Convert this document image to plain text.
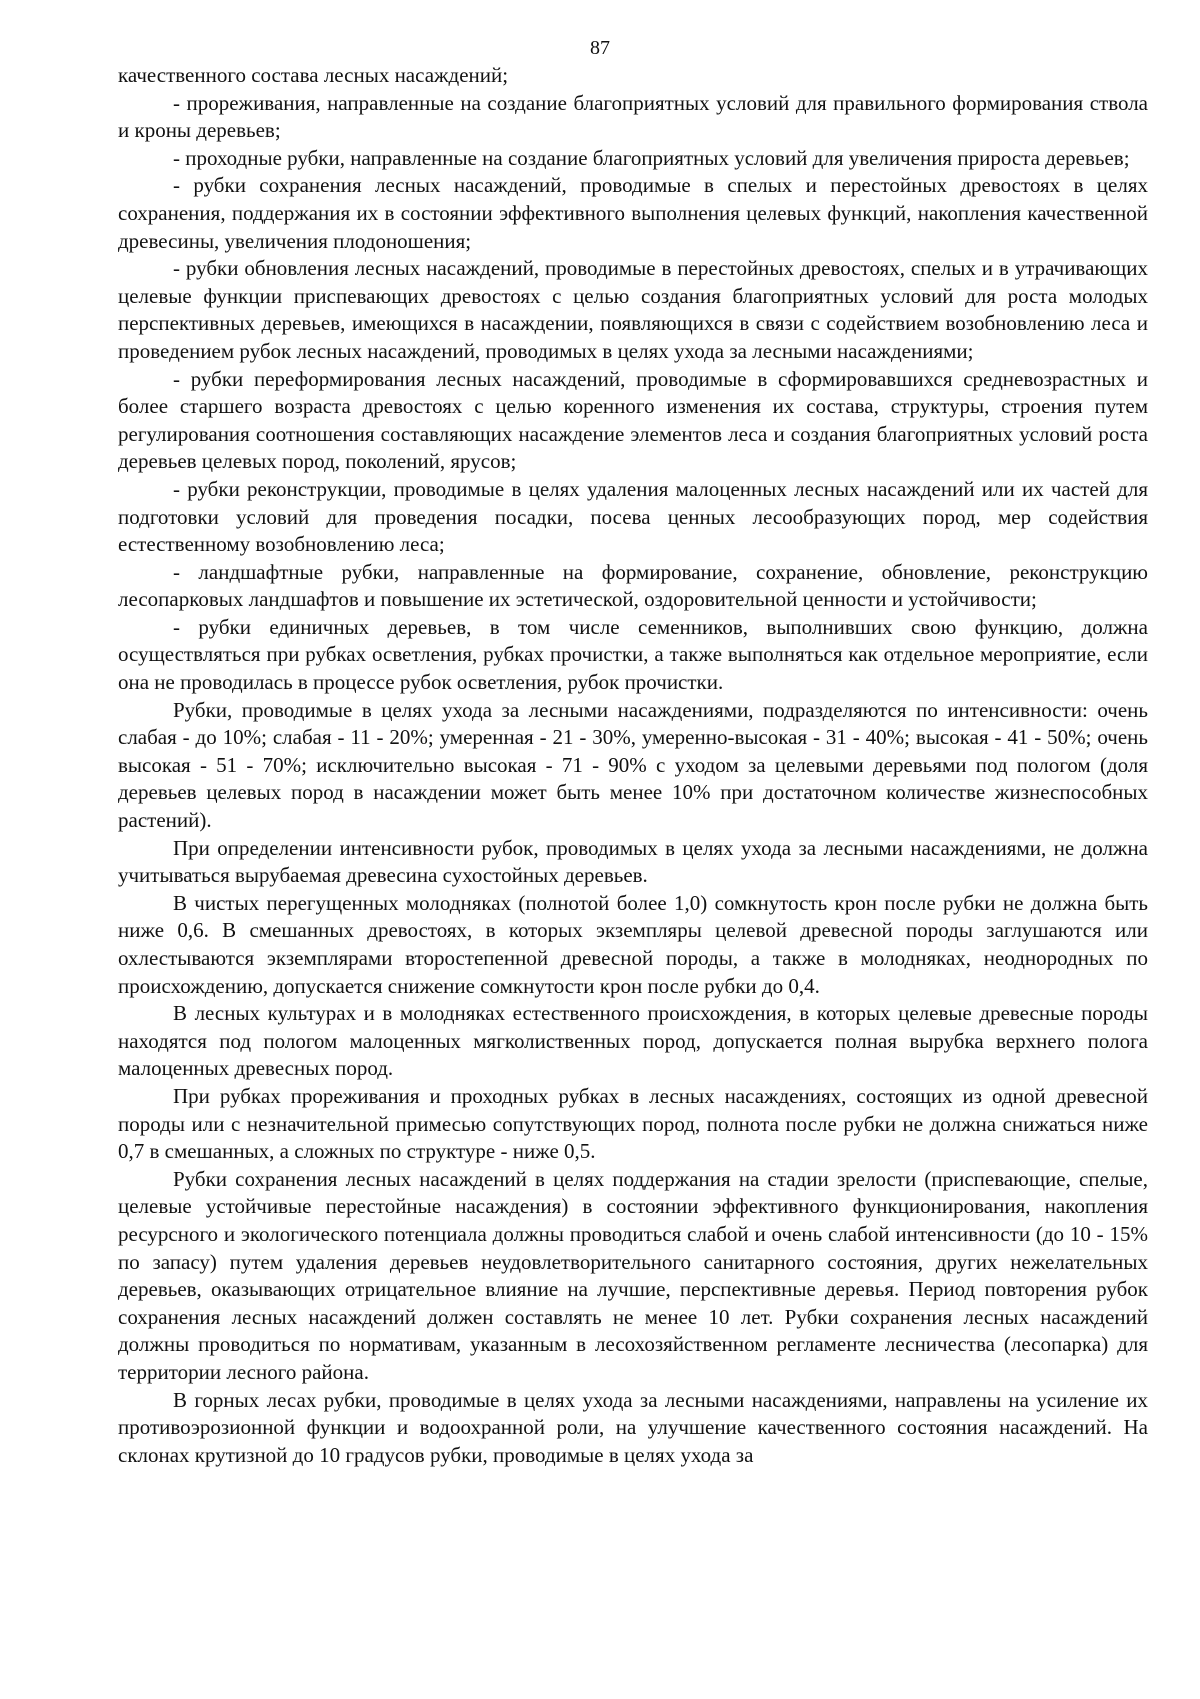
87

качественного состава лесных насаждений;

- прореживания, направленные на создание благоприятных условий для правильного формирования ствола и кроны деревьев;

- проходные рубки, направленные на создание благоприятных условий для увеличения прироста деревьев;

- рубки сохранения лесных насаждений, проводимые в спелых и перестойных древостоях в целях сохранения, поддержания их в состоянии эффективного выполнения целевых функций, накопления качественной древесины, увеличения плодоношения;

- рубки обновления лесных насаждений, проводимые в перестойных древостоях, спелых и в утрачивающих целевые функции приспевающих древостоях с целью создания благоприятных условий для роста молодых перспективных деревьев, имеющихся в насаждении, появляющихся в связи с содействием возобновлению леса и проведением рубок лесных насаждений, проводимых в целях ухода за лесными насаждениями;

- рубки переформирования лесных насаждений, проводимые в сформировавшихся средневозрастных и более старшего возраста древостоях с целью коренного изменения их состава, структуры, строения путем регулирования соотношения составляющих насаждение элементов леса и создания благоприятных условий роста деревьев целевых пород, поколений, ярусов;

- рубки реконструкции, проводимые в целях удаления малоценных лесных насаждений или их частей для подготовки условий для проведения посадки, посева ценных лесообразующих пород, мер содействия естественному возобновлению леса;

- ландшафтные рубки, направленные на формирование, сохранение, обновление, реконструкцию лесопарковых ландшафтов и повышение их эстетической, оздоровительной ценности и устойчивости;

- рубки единичных деревьев, в том числе семенников, выполнивших свою функцию, должна осуществляться при рубках осветления, рубках прочистки, а также выполняться как отдельное мероприятие, если она не проводилась в процессе рубок осветления, рубок прочистки.

Рубки, проводимые в целях ухода за лесными насаждениями, подразделяются по интенсивности: очень слабая - до 10%; слабая - 11 - 20%; умеренная - 21 - 30%, умеренно-высокая - 31 - 40%; высокая - 41 - 50%; очень высокая - 51 - 70%; исключительно высокая - 71 - 90% с уходом за целевыми деревьями под пологом (доля деревьев целевых пород в насаждении может быть менее 10% при достаточном количестве жизнеспособных растений).

При определении интенсивности рубок, проводимых в целях ухода за лесными насаждениями, не должна учитываться вырубаемая древесина сухостойных деревьев.

В чистых перегущенных молодняках (полнотой более 1,0) сомкнутость крон после рубки не должна быть ниже 0,6. В смешанных древостоях, в которых экземпляры целевой древесной породы заглушаются или охлестываются экземплярами второстепенной древесной породы, а также в молодняках, неоднородных по происхождению, допускается снижение сомкнутости крон после рубки до 0,4.

В лесных культурах и в молодняках естественного происхождения, в которых целевые древесные породы находятся под пологом малоценных мягколиственных пород, допускается полная вырубка верхнего полога малоценных древесных пород.

При рубках прореживания и проходных рубках в лесных насаждениях, состоящих из одной древесной породы или с незначительной примесью сопутствующих пород, полнота после рубки не должна снижаться ниже 0,7 в смешанных, а сложных по структуре - ниже 0,5.

Рубки сохранения лесных насаждений в целях поддержания на стадии зрелости (приспевающие, спелые, целевые устойчивые перестойные насаждения) в состоянии эффективного функционирования, накопления ресурсного и экологического потенциала должны проводиться слабой и очень слабой интенсивности (до 10 - 15% по запасу) путем удаления деревьев неудовлетворительного санитарного состояния, других нежелательных деревьев, оказывающих отрицательное влияние на лучшие, перспективные деревья. Период повторения рубок сохранения лесных насаждений должен составлять не менее 10 лет. Рубки сохранения лесных насаждений должны проводиться по нормативам, указанным в лесохозяйственном регламенте лесничества (лесопарка) для территории лесного района.

В горных лесах рубки, проводимые в целях ухода за лесными насаждениями, направлены на усиление их противоэрозионной функции и водоохранной роли, на улучшение качественного состояния насаждений. На склонах крутизной до 10 градусов рубки, проводимые в целях ухода за
